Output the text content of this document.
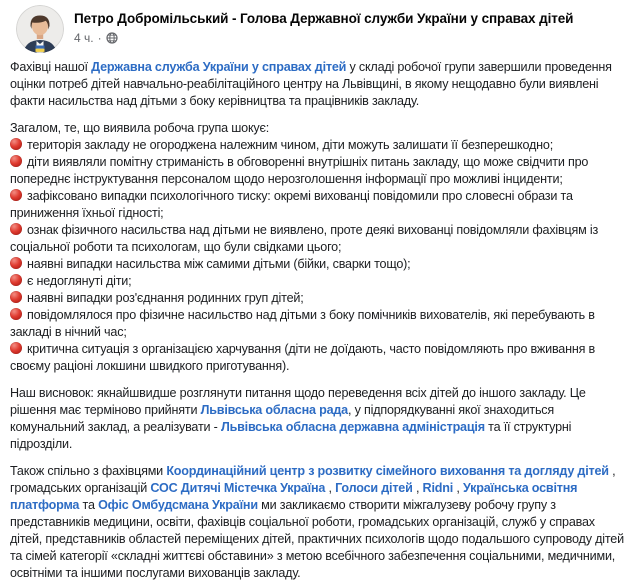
Петро Добромільський - Голова Державної служби України у справах дітей
4 ч. ·
Фахівці нашої Державна служба України у справах дітей у складі робочої групи завершили проведення оцінки потреб дітей навчально-реабілітаційного центру на Львівщині, в якому нещодавно були виявлені факти насильства над дітьми з боку керівництва та працівників закладу.
Загалом, те, що виявила робоча група шокує:
територія закладу не огороджена належним чином, діти можуть залишати її безперешкодно;
діти виявляли помітну стриманість в обговоренні внутрішніх питань закладу, що може свідчити про попереднє інструктування персоналом щодо нерозголошення інформації про можливі інциденти;
зафіксовано випадки психологічного тиску: окремі вихованці повідомили про словесні образи та приниження їхньої гідності;
ознак фізичного насильства над дітьми не виявлено, проте деякі вихованці повідомляли фахівцям із соціальної роботи та психологам, що були свідками цього;
наявні випадки насильства між самими дітьми (бійки, сварки тощо);
є недоглянуті діти;
наявні випадки роз'єднання родинних груп дітей;
повідомлялося про фізичне насильство над дітьми з боку помічників вихователів, які перебувають в закладі в нічний час;
критична ситуація з організацією харчування (діти не доїдають, часто повідомляють про вживання в своєму раціоні локшини швидкого приготування).
Наш висновок: якнайшвидше розглянути питання щодо переведення всіх дітей до іншого закладу. Це рішення має терміново прийняти Львівська обласна рада, у підпорядкуванні якої знаходиться комунальний заклад, а реалізувати - Львівська обласна державна адміністрація та її структурні підрозділи.
Також спільно з фахівцями Координаційний центр з розвитку сімейного виховання та догляду дітей , громадських організацій СОС Дитячі Містечка Україна , Голоси дітей , Ridni , Українська освітня платформа та Офіс Омбудсмана України ми закликаємо створити міжгалузеву робочу групу з представників медицини, освіти, фахівців соціальної роботи, громадських організацій, служб у справах дітей, представників областей переміщених дітей, практичних психологів щодо подальшого супроводу дітей та сімей категорії «складні життєві обставини» з метою всебічного забезпечення соціальними, медичними, освітніми та іншими послугами вихованців закладу.
